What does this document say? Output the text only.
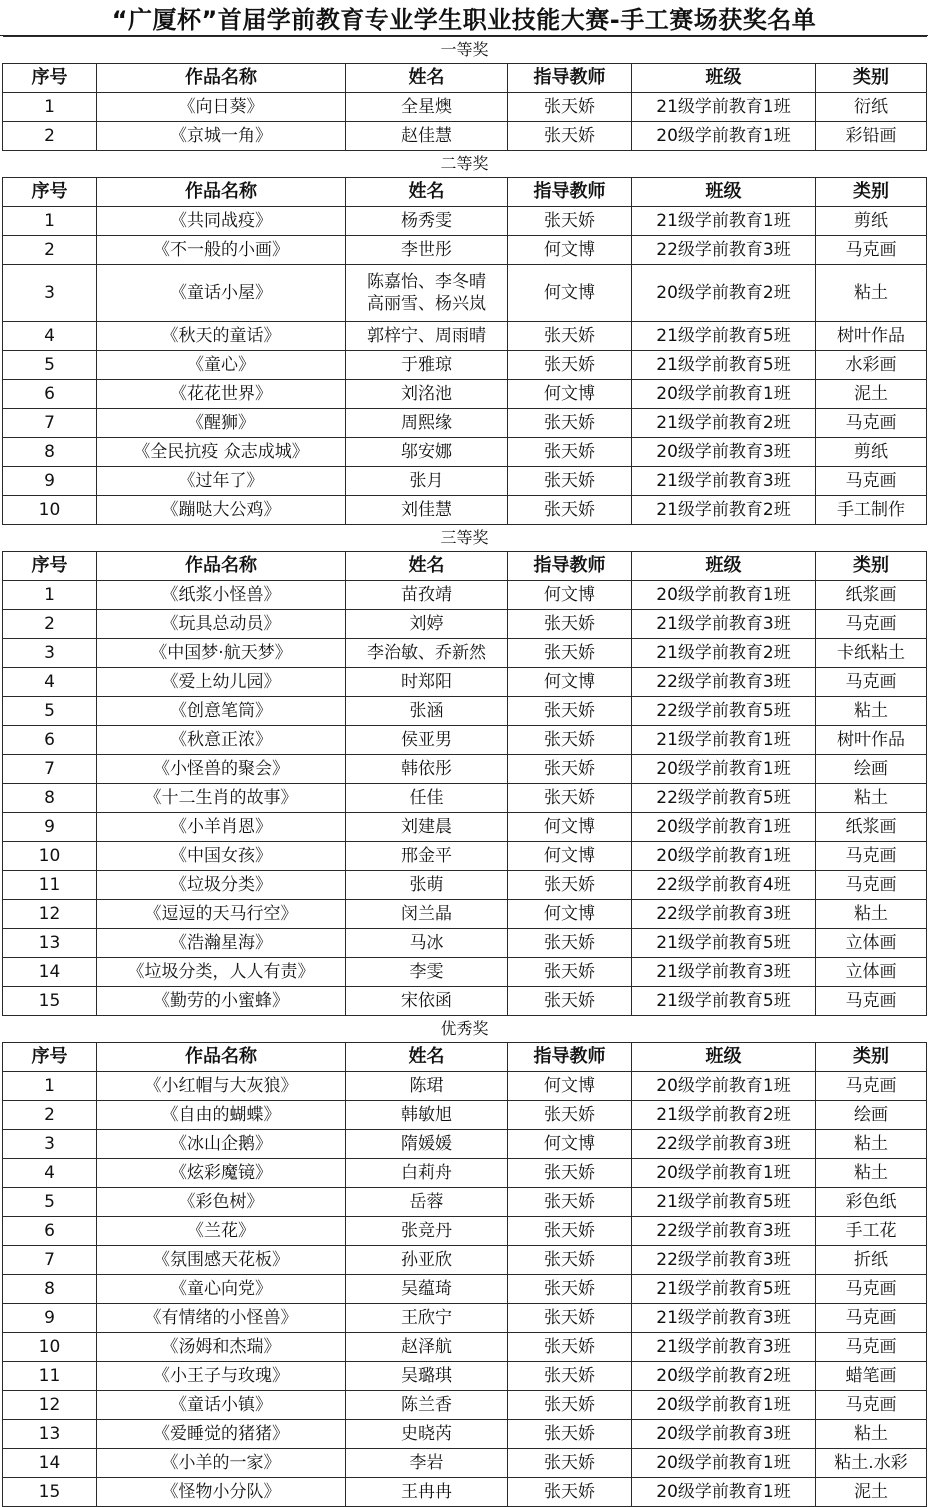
“广厦杯”首届学前教育专业学生职业技能大赛-手工赛场获奖名单
一等奖					
序号	作品名称	姓名	指导教师	班级	类别
1	《向日葵》	全星燠	张天娇	21级学前教育1班	衍纸
2	《京城一角》	赵佳慧	张天娇	20级学前教育1班	彩铅画
二等奖					
序号	作品名称	姓名	指导教师	班级	类别
1	《共同战疫》	杨秀雯	张天娇	21级学前教育1班	剪纸
2	《不一般的小画》	李世彤	何文博	22级学前教育3班	马克画
3	《童话小屋》	陈嘉怡、李冬晴
高丽雪、杨兴岚	何文博	20级学前教育2班	粘土
4	《秋天的童话》	郭梓宁、周雨晴	张天娇	21级学前教育5班	树叶作品
5	《童心》	于雅琼	张天娇	21级学前教育5班	水彩画
6	《花花世界》	刘洺池	何文博	20级学前教育1班	泥土
7	《醒狮》	周熙缘	张天娇	21级学前教育2班	马克画
8	《全民抗疫 众志成城》	邬安娜	张天娇	20级学前教育3班	剪纸
9	《过年了》	张月	张天娇	21级学前教育3班	马克画
10	《蹦哒大公鸡》	刘佳慧	张天娇	21级学前教育2班	手工制作
三等奖					
序号	作品名称	姓名	指导教师	班级	类别
1	《纸浆小怪兽》	苗孜靖	何文博	20级学前教育1班	纸浆画
2	《玩具总动员》	刘婷	张天娇	21级学前教育3班	马克画
3	《中国梦·航天梦》	李治敏、乔新然	张天娇	21级学前教育2班	卡纸粘土
4	《爱上幼儿园》	时郑阳	何文博	22级学前教育3班	马克画
5	《创意笔筒》	张涵	张天娇	22级学前教育5班	粘土
6	《秋意正浓》	侯亚男	张天娇	21级学前教育1班	树叶作品
7	《小怪兽的聚会》	韩依彤	张天娇	20级学前教育1班	绘画
8	《十二生肖的故事》	任佳	张天娇	22级学前教育5班	粘土
9	《小羊肖恩》	刘建晨	何文博	20级学前教育1班	纸浆画
10	《中国女孩》	邢金平	何文博	20级学前教育1班	马克画
11	《垃圾分类》	张萌	张天娇	22级学前教育4班	马克画
12	《逗逗的天马行空》	闵兰晶	何文博	22级学前教育3班	粘土
13	《浩瀚星海》	马冰	张天娇	21级学前教育5班	立体画
14	《垃圾分类，人人有责》	李雯	张天娇	21级学前教育3班	立体画
15	《勤劳的小蜜蜂》	宋依函	张天娇	21级学前教育5班	马克画
优秀奖					
序号	作品名称	姓名	指导教师	班级	类别
1	《小红帽与大灰狼》	陈珺	何文博	20级学前教育1班	马克画
2	《自由的蝴蝶》	韩敏旭	张天娇	21级学前教育2班	绘画
3	《冰山企鹅》	隋媛媛	何文博	22级学前教育3班	粘土
4	《炫彩魔镜》	白莉舟	张天娇	20级学前教育1班	粘土
5	《彩色树》	岳蓉	张天娇	21级学前教育5班	彩色纸
6	《兰花》	张竞丹	张天娇	22级学前教育3班	手工花
7	《氛围感天花板》	孙亚欣	张天娇	22级学前教育3班	折纸
8	《童心向党》	吴蕴琦	张天娇	21级学前教育5班	马克画
9	《有情绪的小怪兽》	王欣宁	张天娇	21级学前教育3班	马克画
10	《汤姆和杰瑞》	赵泽航	张天娇	21级学前教育3班	马克画
11	《小王子与玫瑰》	吴璐琪	张天娇	20级学前教育2班	蜡笔画
12	《童话小镇》	陈兰香	张天娇	20级学前教育1班	马克画
13	《爱睡觉的猪猪》	史晓芮	张天娇	20级学前教育3班	粘土
14	《小羊的一家》	李岩	张天娇	20级学前教育1班	粘土.水彩
15	《怪物小分队》	王冉冉	张天娇	20级学前教育1班	泥土
